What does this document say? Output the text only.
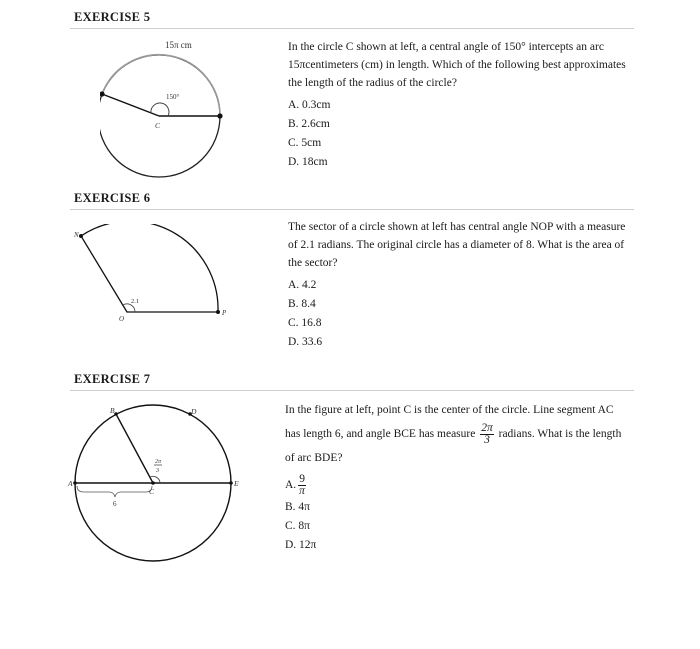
EXERCISE 5
15π cm
150°
C

In the circle C shown at left, a central angle of 150° intercepts an arc 15πcentimeters (cm) in length. Which of the following best approximates the length of the radius of the circle?

A. 0.3cm
B. 2.6cm
C. 5cm
D. 18cm
EXERCISE 6
N
O
P
2.1

The sector of a circle shown at left has central angle NOP with a measure of 2.1 radians. The original circle has a diameter of 8. What is the area of the sector?

A. 4.2
B. 8.4
C. 16.8
D. 33.6
EXERCISE 7
A
B
C
D
E
6
2π
3

In the figure at left, point C is the center of the circle. Line segment AC has length 6, and angle BCE has measure $\frac{2\pi}{3}$ radians. What is the length of arc BDE?

A. $\frac{9}{\pi}$
B. 4π
C. 8π
D. 12π
